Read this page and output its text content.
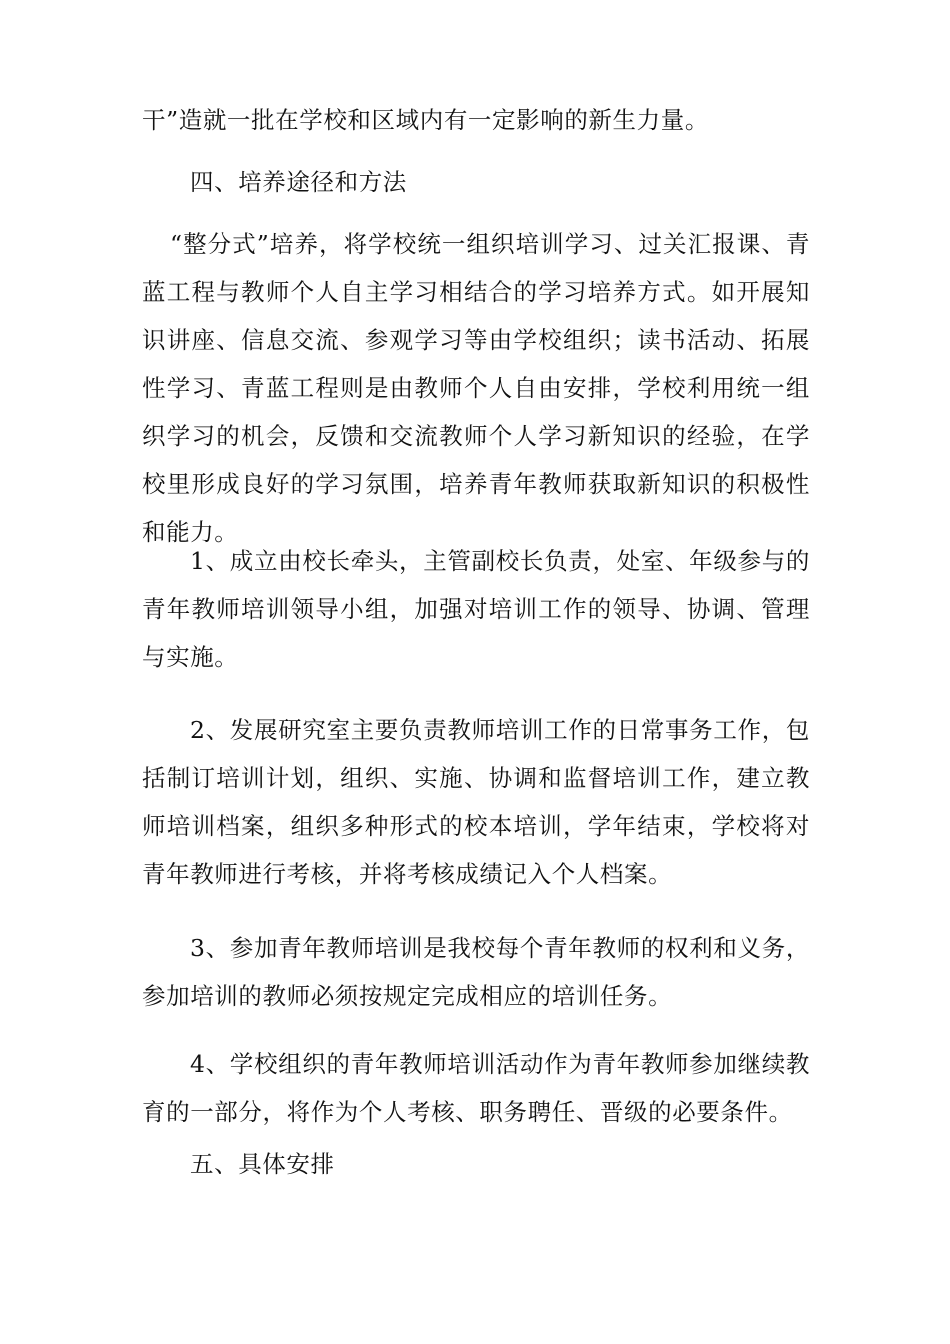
干”造就一批在学校和区域内有一定影响的新生力量。

四、培养途径和方法

“整分式”培养，将学校统一组织培训学习、过关汇报课、青蓝工程与教师个人自主学习相结合的学习培养方式。如开展知识讲座、信息交流、参观学习等由学校组织；读书活动、拓展性学习、青蓝工程则是由教师个人自由安排，学校利用统一组织学习的机会，反馈和交流教师个人学习新知识的经验，在学校里形成良好的学习氛围，培养青年教师获取新知识的积极性和能力。

1、成立由校长牵头，主管副校长负责，处室、年级参与的青年教师培训领导小组，加强对培训工作的领导、协调、管理与实施。

2、发展研究室主要负责教师培训工作的日常事务工作，包括制订培训计划，组织、实施、协调和监督培训工作，建立教师培训档案，组织多种形式的校本培训，学年结束，学校将对青年教师进行考核，并将考核成绩记入个人档案。

3、参加青年教师培训是我校每个青年教师的权利和义务，参加培训的教师必须按规定完成相应的培训任务。

4、学校组织的青年教师培训活动作为青年教师参加继续教育的一部分，将作为个人考核、职务聘任、晋级的必要条件。

五、具体安排
